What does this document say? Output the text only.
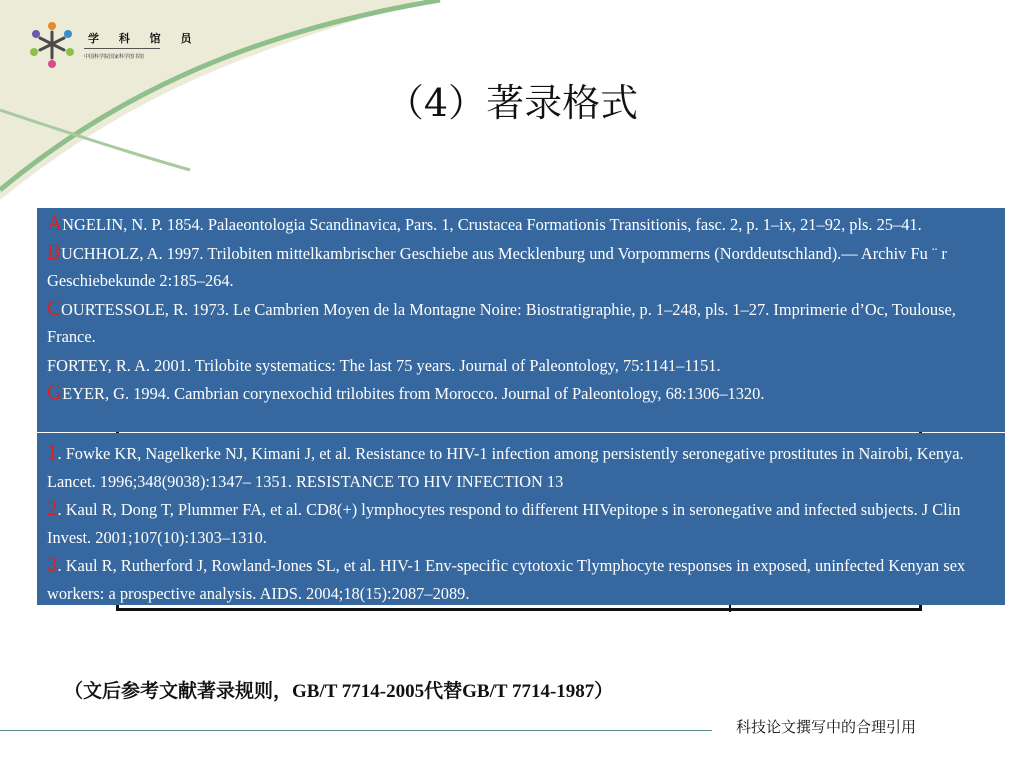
学 科 馆 员
中国科学院国家科学图书馆
（4）著录格式

ANGELIN, N. P. 1854. Palaeontologia Scandinavica, Pars. 1, Crustacea Formationis Transitionis, fasc. 2, p. 1–ix, 21–92, pls. 25–41.

BUCHHOLZ, A. 1997. Trilobiten mittelkambrischer Geschiebe aus Mecklenburg und Vorpommerns (Norddeutschland).— Archiv Fu ¨ r Geschiebekunde 2:185–264.

COURTESSOLE, R. 1973. Le Cambrien Moyen de la Montagne Noire: Biostratigraphie, p. 1–248, pls. 1–27. Imprimerie d’Oc, Toulouse, France.

FORTEY, R. A. 2001. Trilobite systematics: The last 75 years. Journal of Paleontology, 75:1141–1151.

GEYER, G. 1994. Cambrian corynexochid trilobites from Morocco. Journal of Paleontology, 68:1306–1320.

1. Fowke KR, Nagelkerke NJ, Kimani J, et al. Resistance to HIV-1 infection among persistently seronegative prostitutes in Nairobi, Kenya. Lancet. 1996;348(9038):1347– 1351. RESISTANCE TO HIV INFECTION 13

2. Kaul R, Dong T, Plummer FA, et al. CD8(+) lymphocytes respond to different HIVepitope s in seronegative and infected subjects. J Clin Invest. 2001;107(10):1303–1310.

3. Kaul R, Rutherford J, Rowland-Jones SL, et al. HIV-1 Env-specific cytotoxic Tlymphocyte responses in exposed, uninfected Kenyan sex workers: a prospective analysis. AIDS. 2004;18(15):2087–2089.

（文后参考文献著录规则，GB/T 7714-2005代替GB/T 7714-1987）
科技论文撰写中的合理引用
